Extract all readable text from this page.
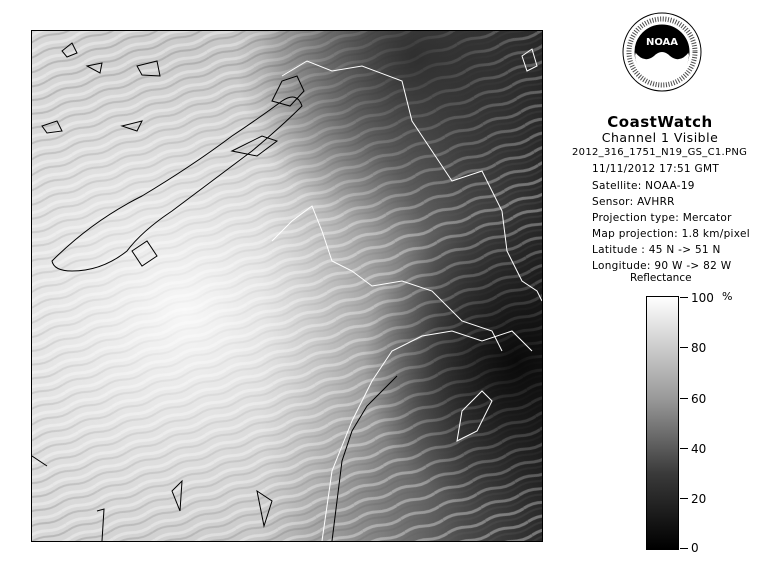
NOAA
CoastWatch
Channel 1 Visible
2012_316_1751_N19_GS_C1.PNG
11/11/2012 17:51 GMT
Satellite: NOAA-19
Sensor: AVHRR
Projection type: Mercator
Map projection: 1.8 km/pixel
Latitude : 45 N -> 51 N
Longitude: 90 W -> 82 W
Reflectance
%
100
80
60
40
20
0
